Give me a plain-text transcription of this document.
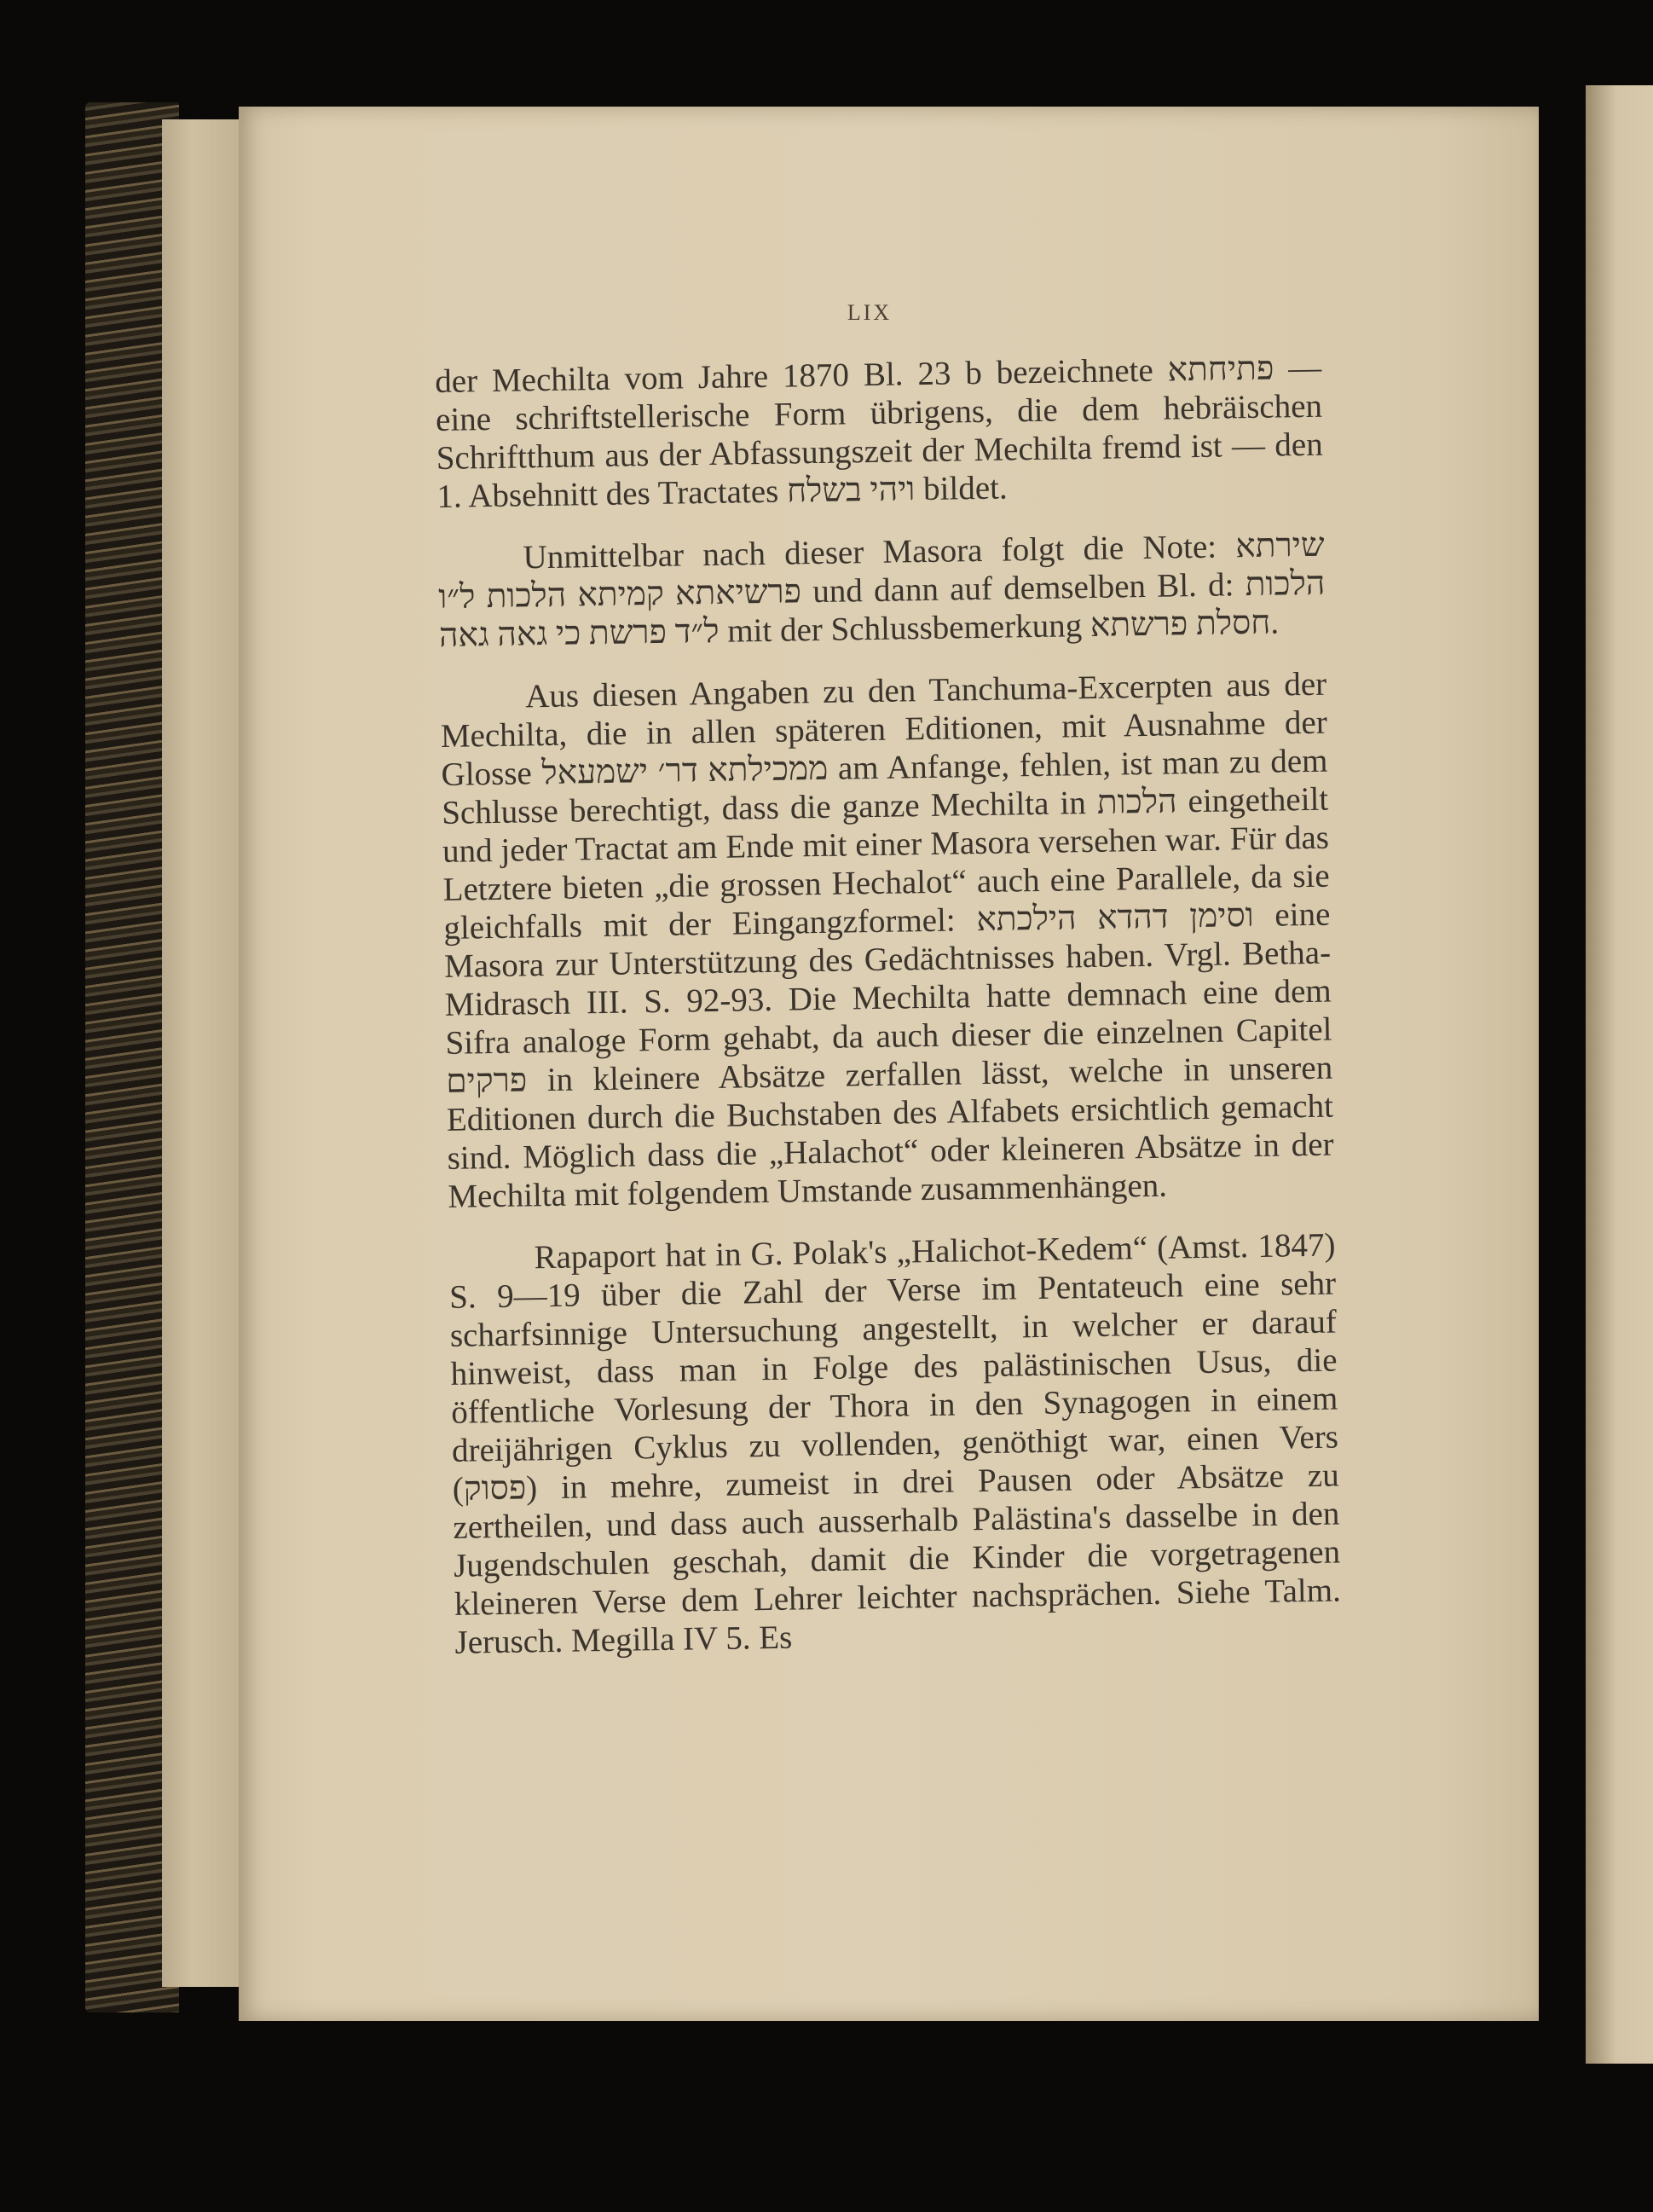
LIX

der Mechilta vom Jahre 1870 Bl. 23 b bezeichnete פתיחתא — eine schriftstellerische Form übrigens, die dem hebräischen Schriftthum aus der Abfassungszeit der Mechilta fremd ist — den 1. Absehnitt des Tractates ויהי בשלח bildet.

Unmittelbar nach dieser Masora folgt die Note: שירתא פרשיאתא קמיתא הלכות ל״ו und dann auf demselben Bl. d: הלכות ל״ד פרשת כי גאה גאה mit der Schlussbemerkung חסלת פרשתא.

Aus diesen Angaben zu den Tanchuma-Excerpten aus der Mechilta, die in allen späteren Editionen, mit Ausnahme der Glosse ממכילתא דר׳ ישמעאל am Anfange, fehlen, ist man zu dem Schlusse berechtigt, dass die ganze Mechilta in הלכות eingetheilt und jeder Tractat am Ende mit einer Masora versehen war. Für das Letztere bieten „die grossen Hechalot“ auch eine Parallele, da sie gleichfalls mit der Eingangzformel: וסימן דהדא הילכתא eine Masora zur Unterstützung des Gedächtnisses haben. Vrgl. Betha-Midrasch III. S. 92-93. Die Mechilta hatte demnach eine dem Sifra analoge Form gehabt, da auch dieser die einzelnen Capitel פרקים in kleinere Absätze zerfallen lässt, welche in unseren Editionen durch die Buchstaben des Alfabets ersichtlich gemacht sind. Möglich dass die „Halachot“ oder kleineren Absätze in der Mechilta mit folgendem Umstande zusammenhängen.

Rapaport hat in G. Polak's „Halichot-Kedem“ (Amst. 1847) S. 9—19 über die Zahl der Verse im Pentateuch eine sehr scharfsinnige Untersuchung angestellt, in welcher er darauf hinweist, dass man in Folge des palästinischen Usus, die öffentliche Vorlesung der Thora in den Synagogen in einem dreijährigen Cyklus zu vollenden, genöthigt war, einen Vers (פסוק) in mehre, zumeist in drei Pausen oder Absätze zu zertheilen, und dass auch ausserhalb Palästina's dasselbe in den Jugendschulen geschah, damit die Kinder die vorgetragenen kleineren Verse dem Lehrer leichter nachsprächen. Siehe Talm. Jerusch. Megilla IV 5. Es
